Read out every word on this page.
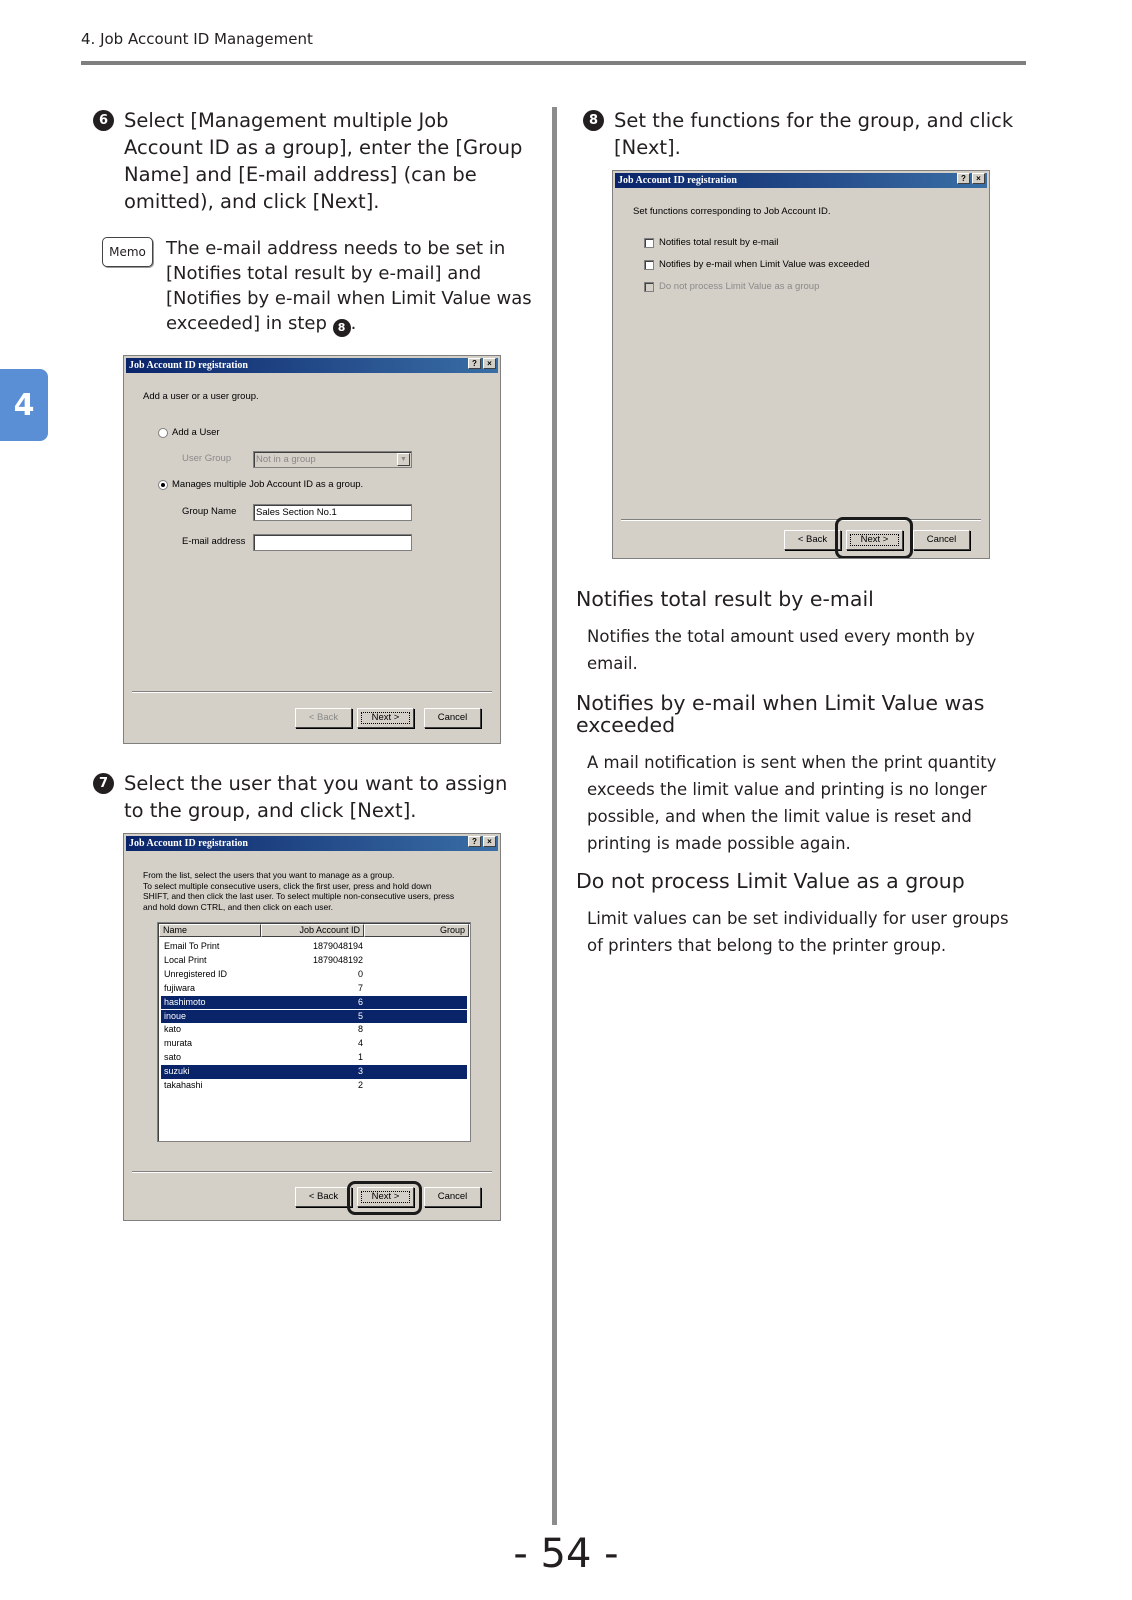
4. Job Account ID Management
4
6 Select [Management multiple Job Account ID as a group], enter the [Group Name] and [E-mail address] (can be omitted), and click [Next].
Memo	The e-mail address needs to be set in [Notifies total result by e-mail] and [Notifies by e-mail when Limit Value was exceeded] in step 8 .
Job Account ID registration	?	×
Add a user or a user group.
Add a User
User Group	Not in a group	▼
Manages multiple Job Account ID as a group.
Group Name	Sales Section No.1
E-mail address
< Back	Next >	Cancel
7 Select the user that you want to assign to the group, and click [Next].
Job Account ID registration	?	×
From the list, select the users that you want to manage as a group.
To select multiple consecutive users, click the first user, press and hold down
SHIFT, and then click the last user. To select multiple non-consecutive users, press
and hold down CTRL, and then click on each user.
Name	Job Account ID	Group
Email To Print	1879048194
Local Print	1879048192
Unregistered ID	0
fujiwara	7
hashimoto	6
inoue	5
kato	8
murata	4
sato	1
suzuki	3
takahashi	2
< Back	Next >	Cancel
8 Set the functions for the group, and click [Next].
Job Account ID registration	?	×
Set functions corresponding to Job Account ID.
Notifies total result by e-mail
Notifies by e-mail when Limit Value was exceeded
Do not process Limit Value as a group
< Back	Next >	Cancel
Notifies total result by e-mail
Notifies the total amount used every month by email.
Notifies by e-mail when Limit Value was exceeded
A mail notification is sent when the print quantity exceeds the limit value and printing is no longer possible, and when the limit value is reset and printing is made possible again.
Do not process Limit Value as a group
Limit values can be set individually for user groups of printers that belong to the printer group.
- 54 -
